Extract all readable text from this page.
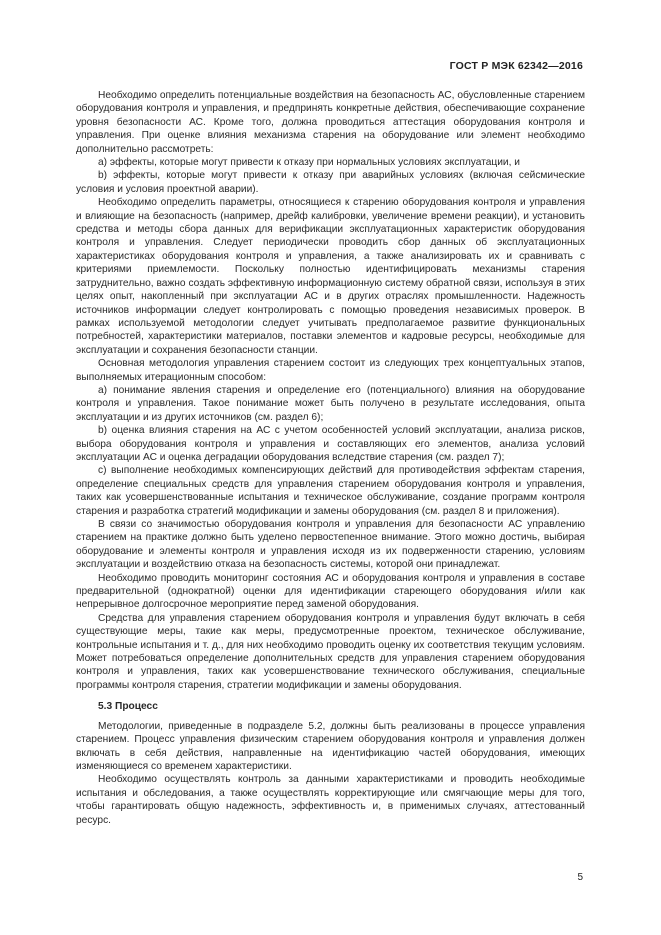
ГОСТ Р МЭК 62342—2016

Необходимо определить потенциальные воздействия на безопасность АС, обусловленные старением оборудования контроля и управления, и предпринять конкретные действия, обеспечивающие сохранение уровня безопасности АС. Кроме того, должна проводиться аттестация оборудования контроля и управления. При оценке влияния механизма старения на оборудование или элемент необходимо дополнительно рассмотреть:

a) эффекты, которые могут привести к отказу при нормальных условиях эксплуатации, и

b) эффекты, которые могут привести к отказу при аварийных условиях (включая сейсмические условия и условия проектной аварии).

Необходимо определить параметры, относящиеся к старению оборудования контроля и управления и влияющие на безопасность (например, дрейф калибровки, увеличение времени реакции), и установить средства и методы сбора данных для верификации эксплуатационных характеристик оборудования контроля и управления. Следует периодически проводить сбор данных об эксплуатационных характеристиках оборудования контроля и управления, а также анализировать их и сравнивать с критериями приемлемости. Поскольку полностью идентифицировать механизмы старения затруднительно, важно создать эффективную информационную систему обратной связи, используя в этих целях опыт, накопленный при эксплуатации АС и в других отраслях промышленности. Надежность источников информации следует контролировать с помощью проведения независимых проверок. В рамках используемой методологии следует учитывать предполагаемое развитие функциональных потребностей, характеристики материалов, поставки элементов и кадровые ресурсы, необходимые для эксплуатации и сохранения безопасности станции.

Основная методология управления старением состоит из следующих трех концептуальных этапов, выполняемых итерационным способом:

a) понимание явления старения и определение его (потенциального) влияния на оборудование контроля и управления. Такое понимание может быть получено в результате исследования, опыта эксплуатации и из других источников (см. раздел 6);

b) оценка влияния старения на АС с учетом особенностей условий эксплуатации, анализа рисков, выбора оборудования контроля и управления и составляющих его элементов, анализа условий эксплуатации АС и оценка деградации оборудования вследствие старения (см. раздел 7);

c) выполнение необходимых компенсирующих действий для противодействия эффектам старения, определение специальных средств для управления старением оборудования контроля и управления, таких как усовершенствованные испытания и техническое обслуживание, создание программ контроля старения и разработка стратегий модификации и замены оборудования (см. раздел 8 и приложения).

В связи со значимостью оборудования контроля и управления для безопасности АС управлению старением на практике должно быть уделено первостепенное внимание. Этого можно достичь, выбирая оборудование и элементы контроля и управления исходя из их подверженности старению, условиям эксплуатации и воздействию отказа на безопасность системы, которой они принадлежат.

Необходимо проводить мониторинг состояния АС и оборудования контроля и управления в составе предварительной (однократной) оценки для идентификации стареющего оборудования и/или как непрерывное долгосрочное мероприятие перед заменой оборудования.

Средства для управления старением оборудования контроля и управления будут включать в себя существующие меры, такие как меры, предусмотренные проектом, техническое обслуживание, контрольные испытания и т. д., для них необходимо проводить оценку их соответствия текущим условиям. Может потребоваться определение дополнительных средств для управления старением оборудования контроля и управления, таких как усовершенствование технического обслуживания, специальные программы контроля старения, стратегии модификации и замены оборудования.

5.3 Процесс

Методологии, приведенные в подразделе 5.2, должны быть реализованы в процессе управления старением. Процесс управления физическим старением оборудования контроля и управления должен включать в себя действия, направленные на идентификацию частей оборудования, имеющих изменяющиеся со временем характеристики.

Необходимо осуществлять контроль за данными характеристиками и проводить необходимые испытания и обследования, а также осуществлять корректирующие или смягчающие меры для того, чтобы гарантировать общую надежность, эффективность и, в применимых случаях, аттестованный ресурс.

5
